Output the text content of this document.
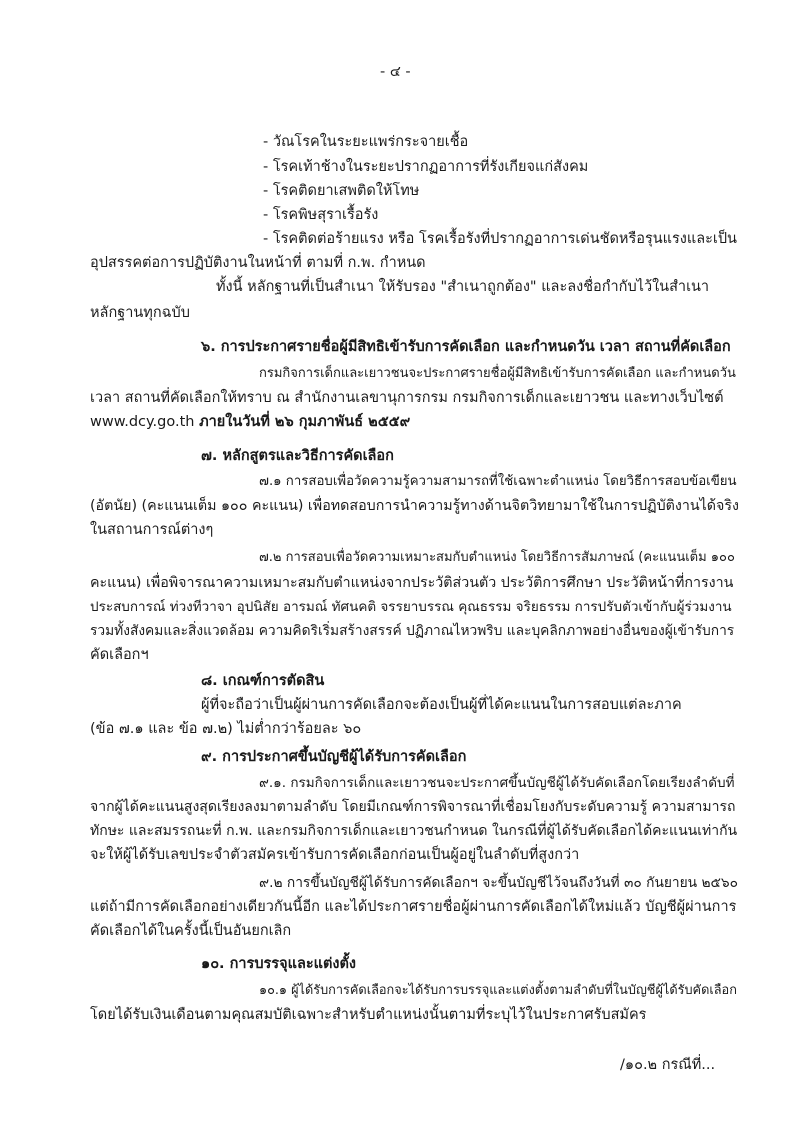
- ๔ -
- วัณโรคในระยะแพร่กระจายเชื้อ
- โรคเท้าช้างในระยะปรากฏอาการที่รังเกียจแก่สังคม
- โรคติดยาเสพติดให้โทษ
- โรคพิษสุราเรื้อรัง
- โรคติดต่อร้ายแรง หรือ โรคเรื้อรังที่ปรากฏอาการเด่นชัดหรือรุนแรงและเป็น
อุปสรรคต่อการปฏิบัติงานในหน้าที่ ตามที่ ก.พ. กำหนด
ทั้งนี้ หลักฐานที่เป็นสำเนา ให้รับรอง "สำเนาถูกต้อง" และลงชื่อกำกับไว้ในสำเนา
หลักฐานทุกฉบับ
๖. การประกาศรายชื่อผู้มีสิทธิเข้ารับการคัดเลือก และกำหนดวัน เวลา สถานที่คัดเลือก
กรมกิจการเด็กและเยาวชนจะประกาศรายชื่อผู้มีสิทธิเข้ารับการคัดเลือก และกำหนดวัน
เวลา สถานที่คัดเลือกให้ทราบ ณ สำนักงานเลขานุการกรม กรมกิจการเด็กและเยาวชน และทางเว็บไซต์
www.dcy.go.th ภายในวันที่ ๒๖ กุมภาพันธ์ ๒๕๕๙
๗. หลักสูตรและวิธีการคัดเลือก
๗.๑ การสอบเพื่อวัดความรู้ความสามารถที่ใช้เฉพาะตำแหน่ง โดยวิธีการสอบข้อเขียน
(อัตนัย) (คะแนนเต็ม ๑๐๐ คะแนน) เพื่อทดสอบการนำความรู้ทางด้านจิตวิทยามาใช้ในการปฏิบัติงานได้จริง
ในสถานการณ์ต่างๆ
๗.๒ การสอบเพื่อวัดความเหมาะสมกับตำแหน่ง โดยวิธีการสัมภาษณ์ (คะแนนเต็ม ๑๐๐
คะแนน) เพื่อพิจารณาความเหมาะสมกับตำแหน่งจากประวัติส่วนตัว ประวัติการศึกษา ประวัติหน้าที่การงาน
ประสบการณ์ ท่วงทีวาจา อุปนิสัย อารมณ์ ทัศนคติ จรรยาบรรณ คุณธรรม จริยธรรม การปรับตัวเข้ากับผู้ร่วมงาน
รวมทั้งสังคมและสิ่งแวดล้อม ความคิดริเริ่มสร้างสรรค์ ปฏิภาณไหวพริบ และบุคลิกภาพอย่างอื่นของผู้เข้ารับการ
คัดเลือกฯ
๘. เกณฑ์การตัดสิน
ผู้ที่จะถือว่าเป็นผู้ผ่านการคัดเลือกจะต้องเป็นผู้ที่ได้คะแนนในการสอบแต่ละภาค
(ข้อ ๗.๑ และ ข้อ ๗.๒) ไม่ต่ำกว่าร้อยละ ๖๐
๙. การประกาศขึ้นบัญชีผู้ได้รับการคัดเลือก
๙.๑. กรมกิจการเด็กและเยาวชนจะประกาศขึ้นบัญชีผู้ได้รับคัดเลือกโดยเรียงลำดับที่
จากผู้ได้คะแนนสูงสุดเรียงลงมาตามลำดับ โดยมีเกณฑ์การพิจารณาที่เชื่อมโยงกับระดับความรู้ ความสามารถ
ทักษะ และสมรรถนะที่ ก.พ. และกรมกิจการเด็กและเยาวชนกำหนด ในกรณีที่ผู้ได้รับคัดเลือกได้คะแนนเท่ากัน
จะให้ผู้ได้รับเลขประจำตัวสมัครเข้ารับการคัดเลือกก่อนเป็นผู้อยู่ในลำดับที่สูงกว่า
๙.๒ การขึ้นบัญชีผู้ได้รับการคัดเลือกฯ จะขึ้นบัญชีไว้จนถึงวันที่ ๓๐ กันยายน ๒๕๖๐
แต่ถ้ามีการคัดเลือกอย่างเดียวกันนี้อีก และได้ประกาศรายชื่อผู้ผ่านการคัดเลือกได้ใหม่แล้ว บัญชีผู้ผ่านการ
คัดเลือกได้ในครั้งนี้เป็นอันยกเลิก
๑๐. การบรรจุและแต่งตั้ง
๑๐.๑ ผู้ได้รับการคัดเลือกจะได้รับการบรรจุและแต่งตั้งตามลำดับที่ในบัญชีผู้ได้รับคัดเลือก
โดยได้รับเงินเดือนตามคุณสมบัติเฉพาะสำหรับตำแหน่งนั้นตามที่ระบุไว้ในประกาศรับสมัคร
/๑๐.๒ กรณีที่...
